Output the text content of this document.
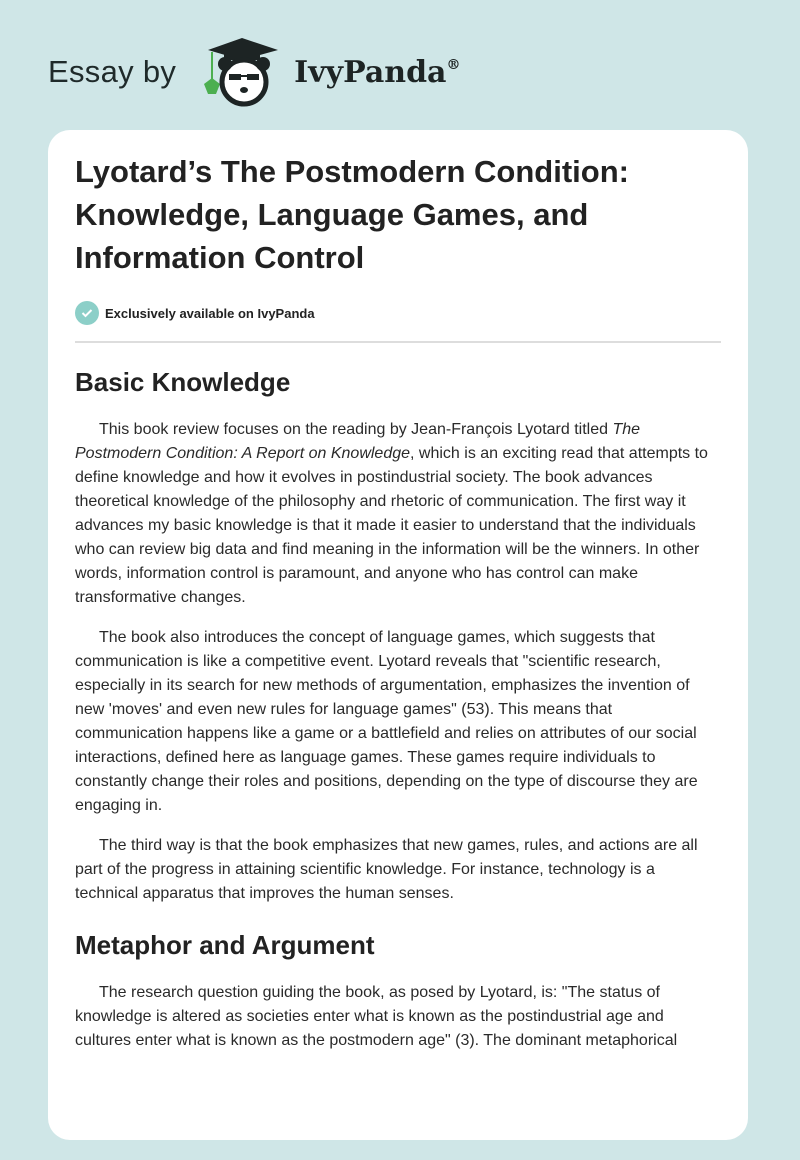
Essay by	IvyPanda®
Lyotard’s The Postmodern Condition: Knowledge, Language Games, and Information Control
Exclusively available on IvyPanda
Basic Knowledge

This book review focuses on the reading by Jean-François Lyotard titled The Postmodern Condition: A Report on Knowledge, which is an exciting read that attempts to define knowledge and how it evolves in postindustrial society. The book advances theoretical knowledge of the philosophy and rhetoric of communication. The first way it advances my basic knowledge is that it made it easier to understand that the individuals who can review big data and find meaning in the information will be the winners. In other words, information control is paramount, and anyone who has control can make transformative changes.

The book also introduces the concept of language games, which suggests that communication is like a competitive event. Lyotard reveals that "scientific research, especially in its search for new methods of argumentation, emphasizes the invention of new 'moves' and even new rules for language games" (53). This means that communication happens like a game or a battlefield and relies on attributes of our social interactions, defined here as language games. These games require individuals to constantly change their roles and positions, depending on the type of discourse they are engaging in.

The third way is that the book emphasizes that new games, rules, and actions are all part of the progress in attaining scientific knowledge. For instance, technology is a technical apparatus that improves the human senses.

Metaphor and Argument

The research question guiding the book, as posed by Lyotard, is: "The status of knowledge is altered as societies enter what is known as the postindustrial age and cultures enter what is known as the postmodern age" (3). The dominant metaphorical
